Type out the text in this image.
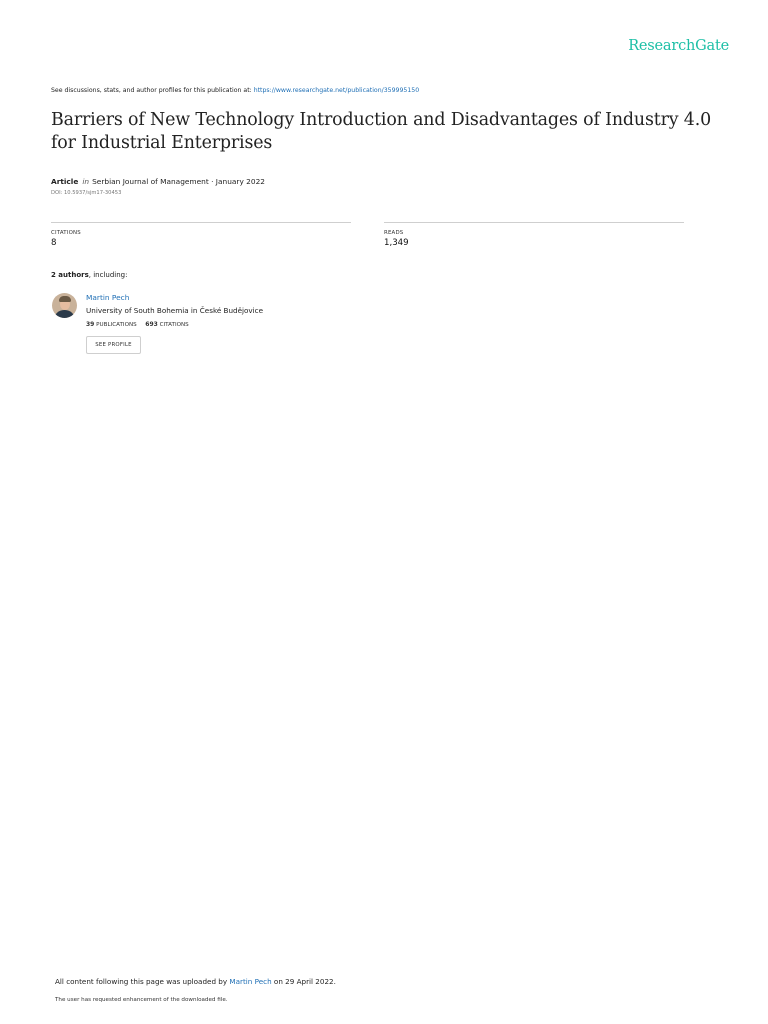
ResearchGate
See discussions, stats, and author profiles for this publication at: https://www.researchgate.net/publication/359995150
Barriers of New Technology Introduction and Disadvantages of Industry 4.0
for Industrial Enterprises
Article in Serbian Journal of Management · January 2022
DOI: 10.5937/sjm17-30453
CITATIONS
8
READS
1,349
2 authors, including:
Martin Pech
University of South Bohemia in České Budějovice
39 PUBLICATIONS 693 CITATIONS
SEE PROFILE
All content following this page was uploaded by Martin Pech on 29 April 2022.
The user has requested enhancement of the downloaded file.
